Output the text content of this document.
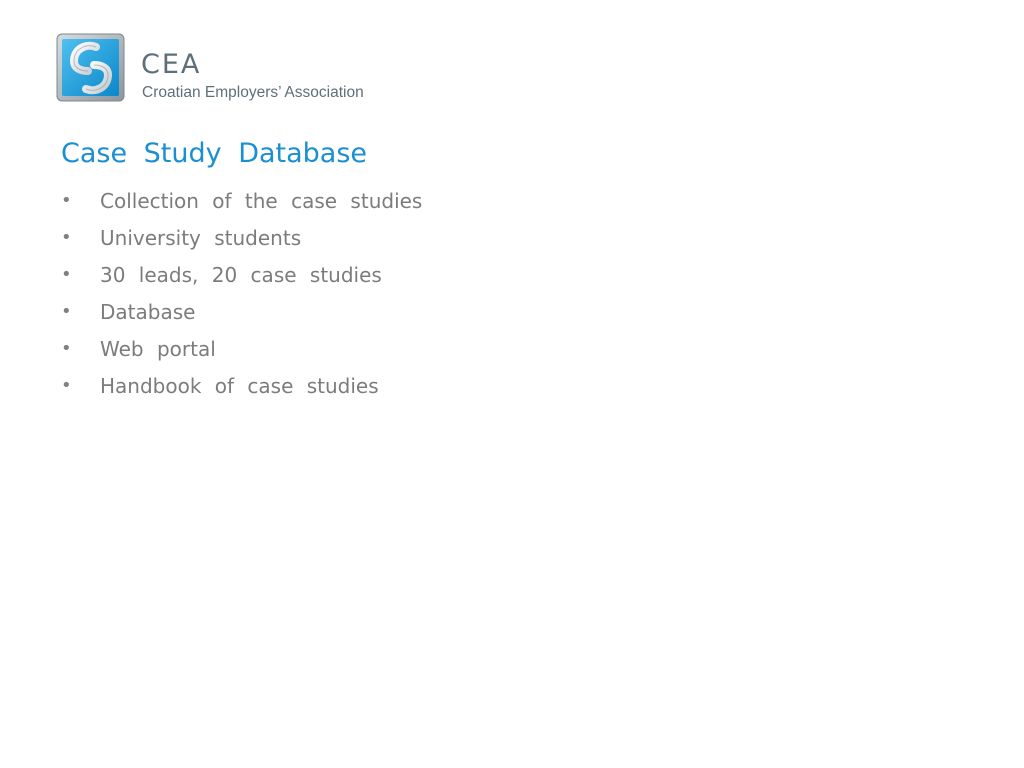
CEA
Croatian Employers’ Association
Case Study Database
• Collection of the case studies
• University students
• 30 leads, 20 case studies
• Database
• Web portal
• Handbook of case studies
